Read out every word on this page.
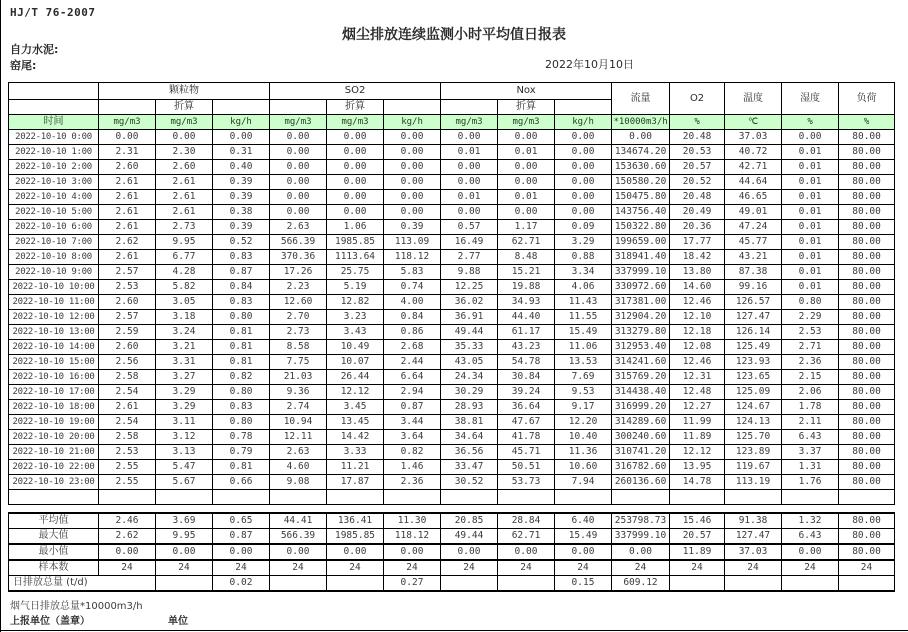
HJ/T 76-2007
烟尘排放连续监测小时平均值日报表
自力水泥:
窑尾:	2022年10月10日
	颗粒物			SO2			Nox			流量	O2	温度	湿度	负荷
		折算			折算			折算						
时间	mg/m3	mg/m3	kg/h	mg/m3	mg/m3	kg/h	mg/m3	mg/m3	kg/h	*10000m3/h	%	℃	%	%
2022-10-10 0:00	0.00	0.00	0.00	0.00	0.00	0.00	0.00	0.00	0.00	0.00	20.48	37.03	0.00	80.00
2022-10-10 1:00	2.31	2.30	0.31	0.00	0.00	0.00	0.01	0.01	0.00	134674.20	20.53	40.72	0.01	80.00
2022-10-10 2:00	2.60	2.60	0.40	0.00	0.00	0.00	0.00	0.00	0.00	153630.60	20.57	42.71	0.01	80.00
2022-10-10 3:00	2.61	2.61	0.39	0.00	0.00	0.00	0.00	0.00	0.00	150580.20	20.52	44.64	0.01	80.00
2022-10-10 4:00	2.61	2.61	0.39	0.00	0.00	0.00	0.01	0.01	0.00	150475.80	20.48	46.65	0.01	80.00
2022-10-10 5:00	2.61	2.61	0.38	0.00	0.00	0.00	0.00	0.00	0.00	143756.40	20.49	49.01	0.01	80.00
2022-10-10 6:00	2.61	2.73	0.39	2.63	1.06	0.39	0.57	1.17	0.09	150322.80	20.36	47.24	0.01	80.00
2022-10-10 7:00	2.62	9.95	0.52	566.39	1985.85	113.09	16.49	62.71	3.29	199659.00	17.77	45.77	0.01	80.00
2022-10-10 8:00	2.61	6.77	0.83	370.36	1113.64	118.12	2.77	8.48	0.88	318941.40	18.42	43.21	0.01	80.00
2022-10-10 9:00	2.57	4.28	0.87	17.26	25.75	5.83	9.88	15.21	3.34	337999.10	13.80	87.38	0.01	80.00
2022-10-10 10:00	2.53	5.82	0.84	2.23	5.19	0.74	12.25	19.88	4.06	330972.60	14.60	99.16	0.01	80.00
2022-10-10 11:00	2.60	3.05	0.83	12.60	12.82	4.00	36.02	34.93	11.43	317381.00	12.46	126.57	0.80	80.00
2022-10-10 12:00	2.57	3.18	0.80	2.70	3.23	0.84	36.91	44.40	11.55	312904.20	12.10	127.47	2.29	80.00
2022-10-10 13:00	2.59	3.24	0.81	2.73	3.43	0.86	49.44	61.17	15.49	313279.80	12.18	126.14	2.53	80.00
2022-10-10 14:00	2.60	3.21	0.81	8.58	10.49	2.68	35.33	43.23	11.06	312953.40	12.08	125.49	2.71	80.00
2022-10-10 15:00	2.56	3.31	0.81	7.75	10.07	2.44	43.05	54.78	13.53	314241.60	12.46	123.93	2.36	80.00
2022-10-10 16:00	2.58	3.27	0.82	21.03	26.44	6.64	24.34	30.84	7.69	315769.20	12.31	123.65	2.15	80.00
2022-10-10 17:00	2.54	3.29	0.80	9.36	12.12	2.94	30.29	39.24	9.53	314438.40	12.48	125.09	2.06	80.00
2022-10-10 18:00	2.61	3.29	0.83	2.74	3.45	0.87	28.93	36.64	9.17	316999.20	12.27	124.67	1.78	80.00
2022-10-10 19:00	2.54	3.11	0.80	10.94	13.45	3.44	38.81	47.67	12.20	314289.60	11.99	124.13	2.11	80.00
2022-10-10 20:00	2.58	3.12	0.78	12.11	14.42	3.64	34.64	41.78	10.40	300240.60	11.89	125.70	6.43	80.00
2022-10-10 21:00	2.53	3.13	0.79	2.63	3.33	0.82	36.56	45.71	11.36	310741.20	12.12	123.89	3.37	80.00
2022-10-10 22:00	2.55	5.47	0.81	4.60	11.21	1.46	33.47	50.51	10.60	316782.60	13.95	119.67	1.31	80.00
2022-10-10 23:00	2.55	5.67	0.66	9.08	17.87	2.36	30.52	53.73	7.94	260136.60	14.78	113.19	1.76	80.00

平均值	2.46	3.69	0.65	44.41	136.41	11.30	20.85	28.84	6.40	253798.73	15.46	91.38	1.32	80.00
最大值	2.62	9.95	0.87	566.39	1985.85	118.12	49.44	62.71	15.49	337999.10	20.57	127.47	6.43	80.00
最小值	0.00	0.00	0.00	0.00	0.00	0.00	0.00	0.00	0.00	0.00	11.89	37.03	0.00	80.00
样本数	24	24	24	24	24	24	24	24	24	24	24	24	24	24
日排放总量 (t/d)			0.02			0.27			0.15	609.12				
烟气日排放总量*10000m3/h
上报单位（盖章）	单位
